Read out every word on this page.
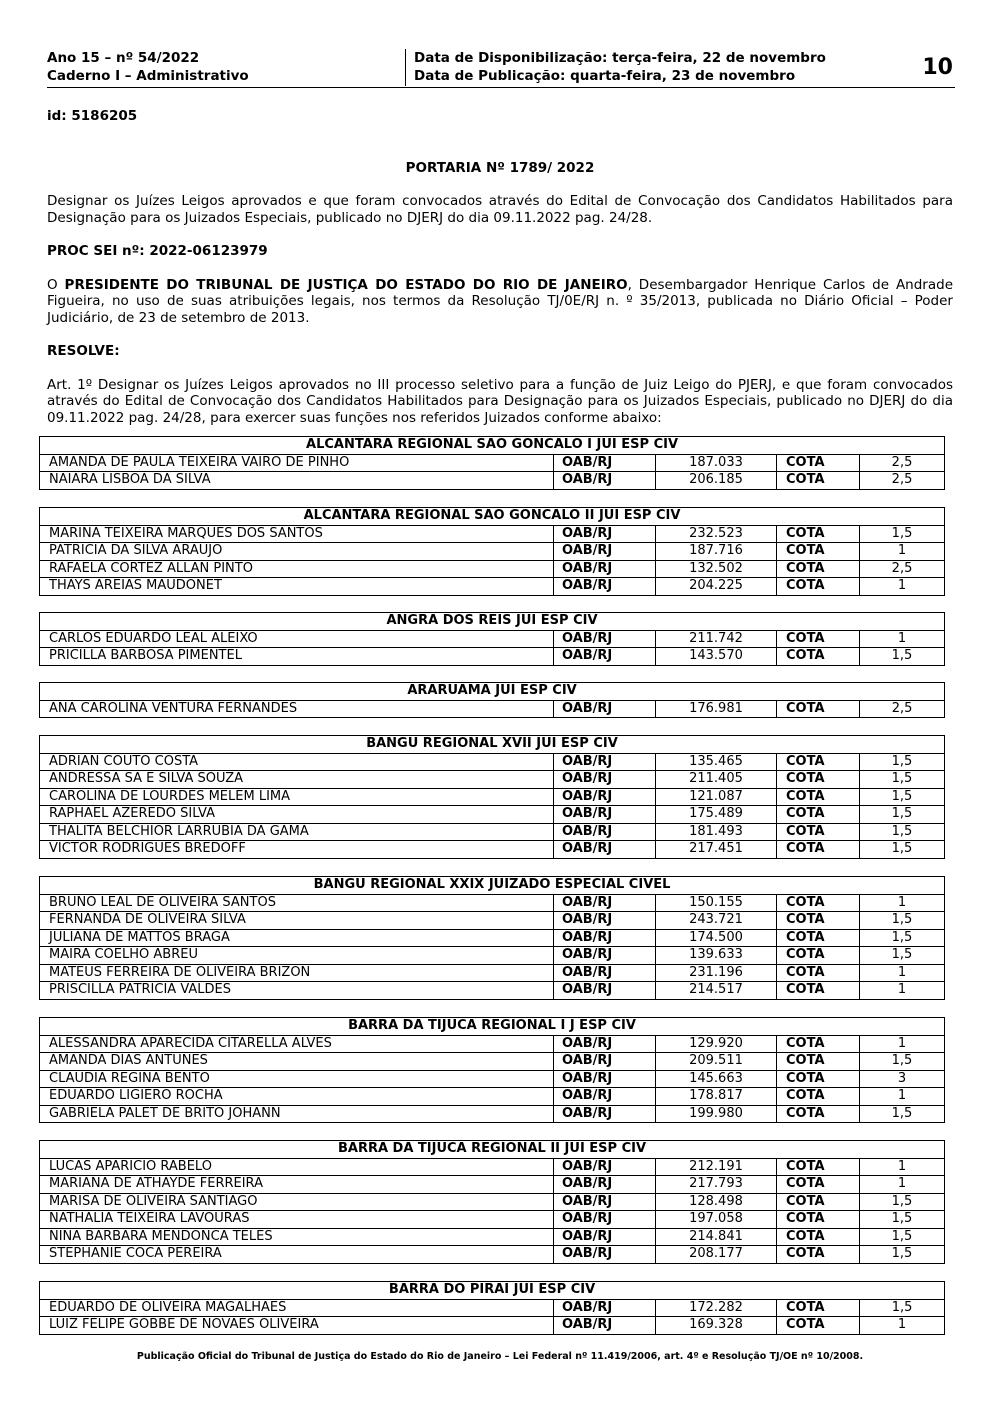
Ano 15 – nº 54/2022
Caderno I – Administrativo
Data de Disponibilização: terça-feira, 22 de novembro
Data de Publicação: quarta-feira, 23 de novembro	10

id: 5186205

PORTARIA Nº 1789/ 2022

Designar os Juízes Leigos aprovados e que foram convocados através do Edital de Convocação dos Candidatos Habilitados para Designação para os Juizados Especiais, publicado no DJERJ do dia 09.11.2022 pag. 24/28.

PROC SEI nº: 2022-06123979

O PRESIDENTE DO TRIBUNAL DE JUSTIÇA DO ESTADO DO RIO DE JANEIRO, Desembargador Henrique Carlos de Andrade Figueira, no uso de suas atribuições legais, nos termos da Resolução TJ/0E/RJ n. º 35/2013, publicada no Diário Oficial – Poder Judiciário, de 23 de setembro de 2013.

RESOLVE:

Art. 1º Designar os Juízes Leigos aprovados no III processo seletivo para a função de Juiz Leigo do PJERJ, e que foram convocados através do Edital de Convocação dos Candidatos Habilitados para Designação para os Juizados Especiais, publicado no DJERJ do dia 09.11.2022 pag. 24/28, para exercer suas funções nos referidos Juizados conforme abaixo:

ALCANTARA REGIONAL SAO GONCALO I JUI ESP CIV				
AMANDA DE PAULA TEIXEIRA VAIRO DE PINHO	OAB/RJ	187.033	COTA	2,5
NAIARA LISBOA DA SILVA	OAB/RJ	206.185	COTA	2,5
ALCANTARA REGIONAL SAO GONCALO II JUI ESP CIV				
MARINA TEIXEIRA MARQUES DOS SANTOS	OAB/RJ	232.523	COTA	1,5
PATRICIA DA SILVA ARAUJO	OAB/RJ	187.716	COTA	1
RAFAELA CORTEZ ALLAN PINTO	OAB/RJ	132.502	COTA	2,5
THAYS AREIAS MAUDONET	OAB/RJ	204.225	COTA	1
ANGRA DOS REIS JUI ESP CIV				
CARLOS EDUARDO LEAL ALEIXO	OAB/RJ	211.742	COTA	1
PRICILLA BARBOSA PIMENTEL	OAB/RJ	143.570	COTA	1,5
ARARUAMA JUI ESP CIV
ANA CAROLINA VENTURA FERNANDES	OAB/RJ	176.981	COTA	2,5
BANGU REGIONAL XVII JUI ESP CIV				
ADRIAN COUTO COSTA	OAB/RJ	135.465	COTA	1,5
ANDRESSA SA E SILVA SOUZA	OAB/RJ	211.405	COTA	1,5
CAROLINA DE LOURDES MELEM LIMA	OAB/RJ	121.087	COTA	1,5
RAPHAEL AZEREDO SILVA	OAB/RJ	175.489	COTA	1,5
THALITA BELCHIOR LARRUBIA DA GAMA	OAB/RJ	181.493	COTA	1,5
VICTOR RODRIGUES BREDOFF	OAB/RJ	217.451	COTA	1,5
BANGU REGIONAL XXIX JUIZADO ESPECIAL CIVEL				
BRUNO LEAL DE OLIVEIRA SANTOS	OAB/RJ	150.155	COTA	1
FERNANDA DE OLIVEIRA SILVA	OAB/RJ	243.721	COTA	1,5
JULIANA DE MATTOS BRAGA	OAB/RJ	174.500	COTA	1,5
MAIRA COELHO ABREU	OAB/RJ	139.633	COTA	1,5
MATEUS FERREIRA DE OLIVEIRA BRIZON	OAB/RJ	231.196	COTA	1
PRISCILLA PATRICIA VALDES	OAB/RJ	214.517	COTA	1
BARRA DA TIJUCA REGIONAL I J ESP CIV				
ALESSANDRA APARECIDA CITARELLA ALVES	OAB/RJ	129.920	COTA	1
AMANDA DIAS ANTUNES	OAB/RJ	209.511	COTA	1,5
CLAUDIA REGINA BENTO	OAB/RJ	145.663	COTA	3
EDUARDO LIGIERO ROCHA	OAB/RJ	178.817	COTA	1
GABRIELA PALET DE BRITO JOHANN	OAB/RJ	199.980	COTA	1,5
BARRA DA TIJUCA REGIONAL II JUI ESP CIV				
LUCAS APARICIO RABELO	OAB/RJ	212.191	COTA	1
MARIANA DE ATHAYDE FERREIRA	OAB/RJ	217.793	COTA	1
MARISA DE OLIVEIRA SANTIAGO	OAB/RJ	128.498	COTA	1,5
NATHALIA TEIXEIRA LAVOURAS	OAB/RJ	197.058	COTA	1,5
NINA BARBARA MENDONCA TELES	OAB/RJ	214.841	COTA	1,5
STEPHANIE COCA PEREIRA	OAB/RJ	208.177	COTA	1,5
BARRA DO PIRAI JUI ESP CIV				
EDUARDO DE OLIVEIRA MAGALHAES	OAB/RJ	172.282	COTA	1,5
LUIZ FELIPE GOBBE DE NOVAES OLIVEIRA	OAB/RJ	169.328	COTA	1
Publicação Oficial do Tribunal de Justiça do Estado do Rio de Janeiro – Lei Federal nº 11.419/2006, art. 4º e Resolução TJ/OE nº 10/2008.
